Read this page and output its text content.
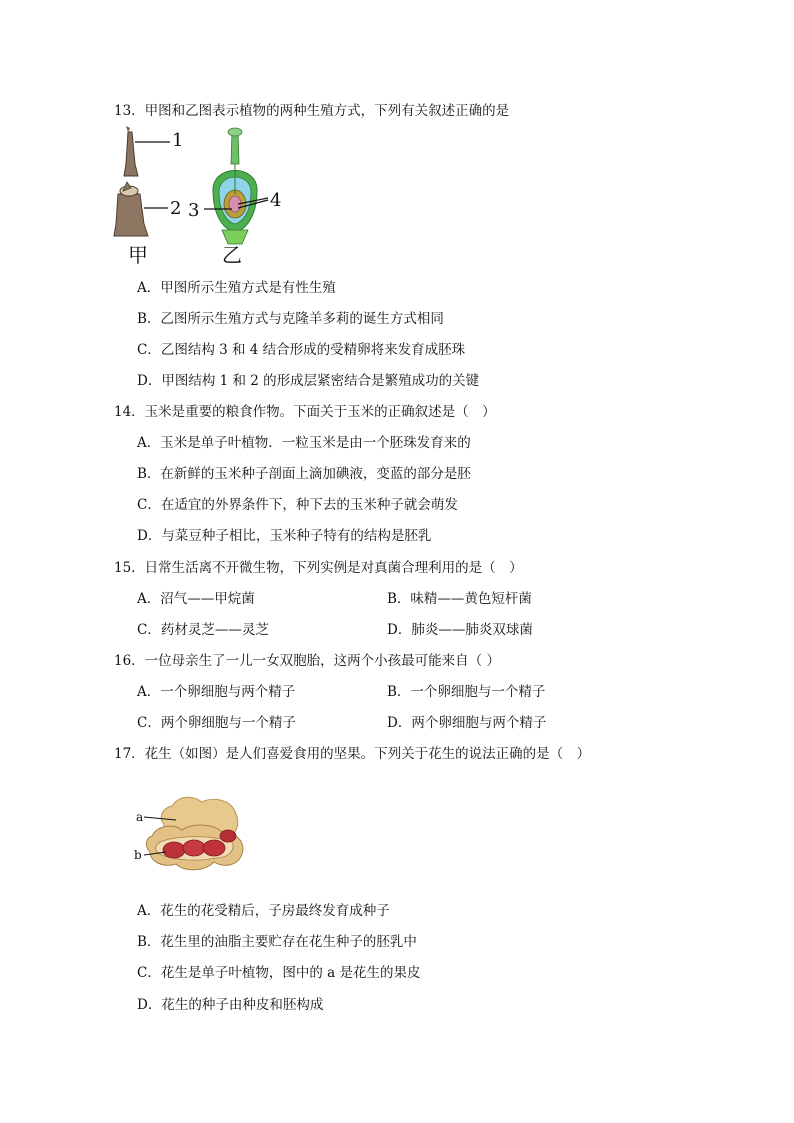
13．甲图和乙图表示植物的两种生殖方式，下列有关叙述正确的是
1
2 3	4
甲	乙
A．甲图所示生殖方式是有性生殖
B．乙图所示生殖方式与克隆羊多莉的诞生方式相同
C．乙图结构 3 和 4 结合形成的受精卵将来发育成胚珠
D．甲图结构 1 和 2 的形成层紧密结合是繁殖成功的关键
14．玉米是重要的粮食作物。下面关于玉米的正确叙述是（　）
A．玉米是单子叶植物．一粒玉米是由一个胚珠发育来的
B．在新鲜的玉米种子剖面上滴加碘液，变蓝的部分是胚
C．在适宜的外界条件下，种下去的玉米种子就会萌发
D．与菜豆种子相比，玉米种子特有的结构是胚乳
15．日常生活离不开微生物，下列实例是对真菌合理利用的是（　）
A．沼气——甲烷菌	B．味精——黄色短杆菌
C．药材灵芝——灵芝	D．肺炎——肺炎双球菌
16．一位母亲生了一儿一女双胞胎，这两个小孩最可能来自（ ）
A．一个卵细胞与两个精子	B．一个卵细胞与一个精子
C．两个卵细胞与一个精子	D．两个卵细胞与两个精子
17．花生（如图）是人们喜爱食用的坚果。下列关于花生的说法正确的是（　）
a
b
A．花生的花受精后，子房最终发育成种子
B．花生里的油脂主要贮存在花生种子的胚乳中
C．花生是单子叶植物，图中的 a 是花生的果皮
D．花生的种子由种皮和胚构成
